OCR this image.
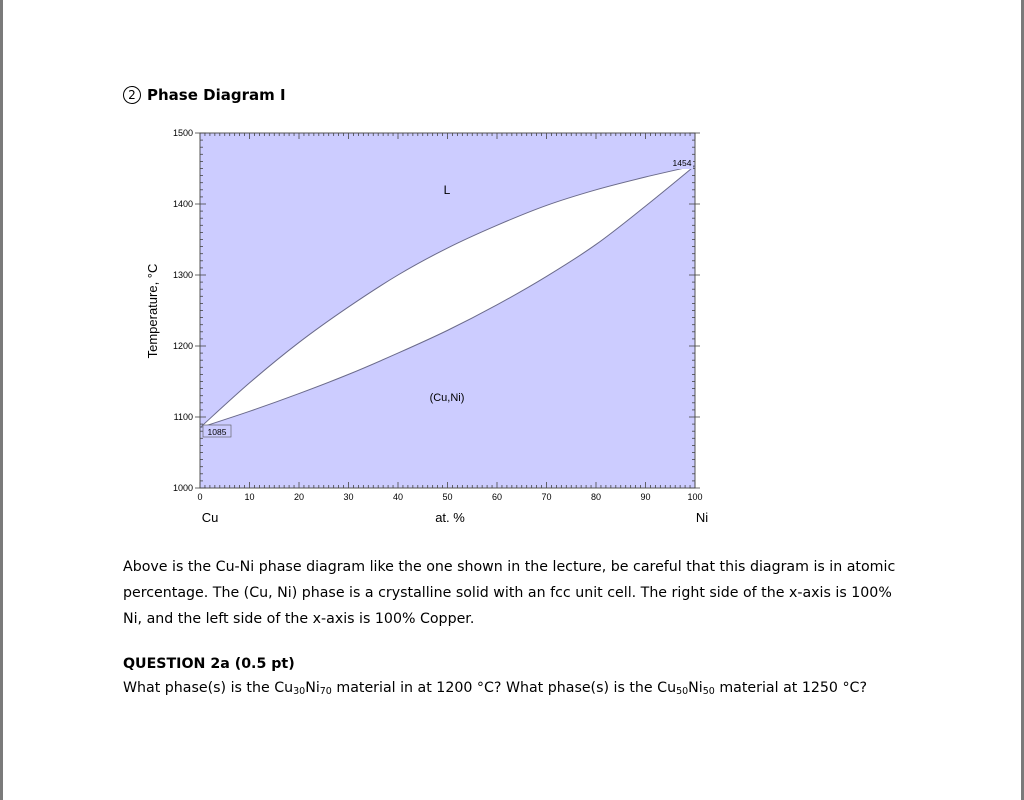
2 Phase Diagram I
0	10	20	30	40	50	60	70	80	90	100
1000
1100
1200
1300
1400
1500
Temperature, °C
at. %
Cu	Ni
L
(Cu,Ni)
1085
1454
Above is the Cu-Ni phase diagram like the one shown in the lecture, be careful that this diagram is in atomic percentage. The (Cu, Ni) phase is a crystalline solid with an fcc unit cell. The right side of the x-axis is 100% Ni, and the left side of the x-axis is 100% Copper.
QUESTION 2a (0.5 pt)
What phase(s) is the $Cu_{30}Ni_{70}$ material in at 1200 °C? What phase(s) is the $Cu_{50}Ni_{50}$ material at 1250 °C?
